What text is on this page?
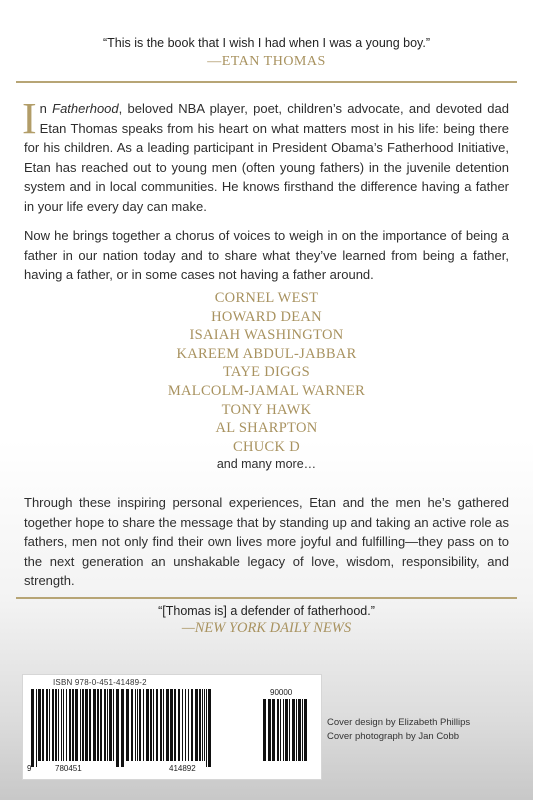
“This is the book that I wish I had when I was a young boy.”
—ETAN THOMAS

In Fatherhood, beloved NBA player, poet, children’s advocate, and devoted dad Etan Thomas speaks from his heart on what matters most in his life: being there for his children. As a leading participant in President Obama’s Fatherhood Initiative, Etan has reached out to young men (often young fathers) in the juvenile detention system and in local communities. He knows firsthand the difference having a father in your life every day can make.

Now he brings together a chorus of voices to weigh in on the importance of being a father in our nation today and to share what they’ve learned from being a father, having a father, or in some cases not having a father around.

CORNEL WEST
HOWARD DEAN
ISAIAH WASHINGTON
KAREEM ABDUL-JABBAR
TAYE DIGGS
MALCOLM-JAMAL WARNER
TONY HAWK
AL SHARPTON
CHUCK D
and many more…

Through these inspiring personal experiences, Etan and the men he’s gathered together hope to share the message that by standing up and taking an active role as fathers, men not only find their own lives more joyful and fulfilling—they pass on to the next generation an unshakable legacy of love, wisdom, responsibility, and strength.

“[Thomas is] a defender of fatherhood.”
—NEW YORK DAILY NEWS
ISBN 978-0-451-41489-2
90000
9	780451	414892
Cover design by Elizabeth Phillips
Cover photograph by Jan Cobb
